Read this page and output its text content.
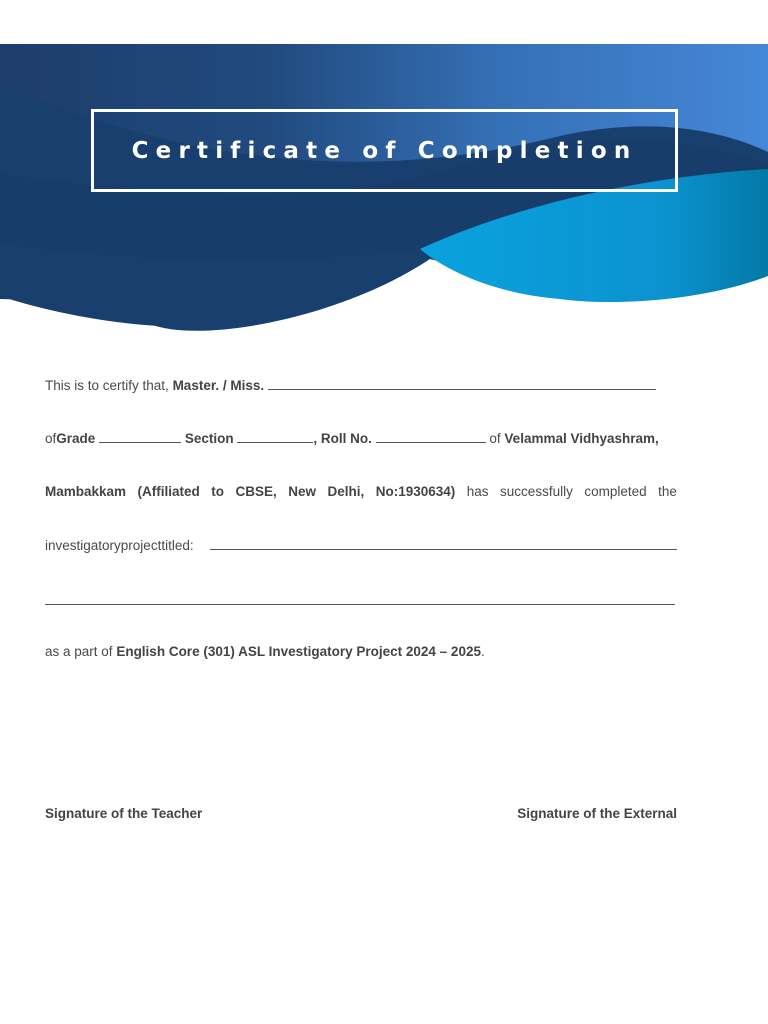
Certificate of Completion
This is to certify that, Master. / Miss.
ofGrade	Section	, Roll No.	of Velammal Vidhyashram,
Mambakkam (Affiliated to CBSE, New Delhi, No:1930634) has successfully completed the
investigatory project titled:
as a part of English Core (301) ASL Investigatory Project 2024 – 2025.
Signature of the Teacher	Signature of the External
